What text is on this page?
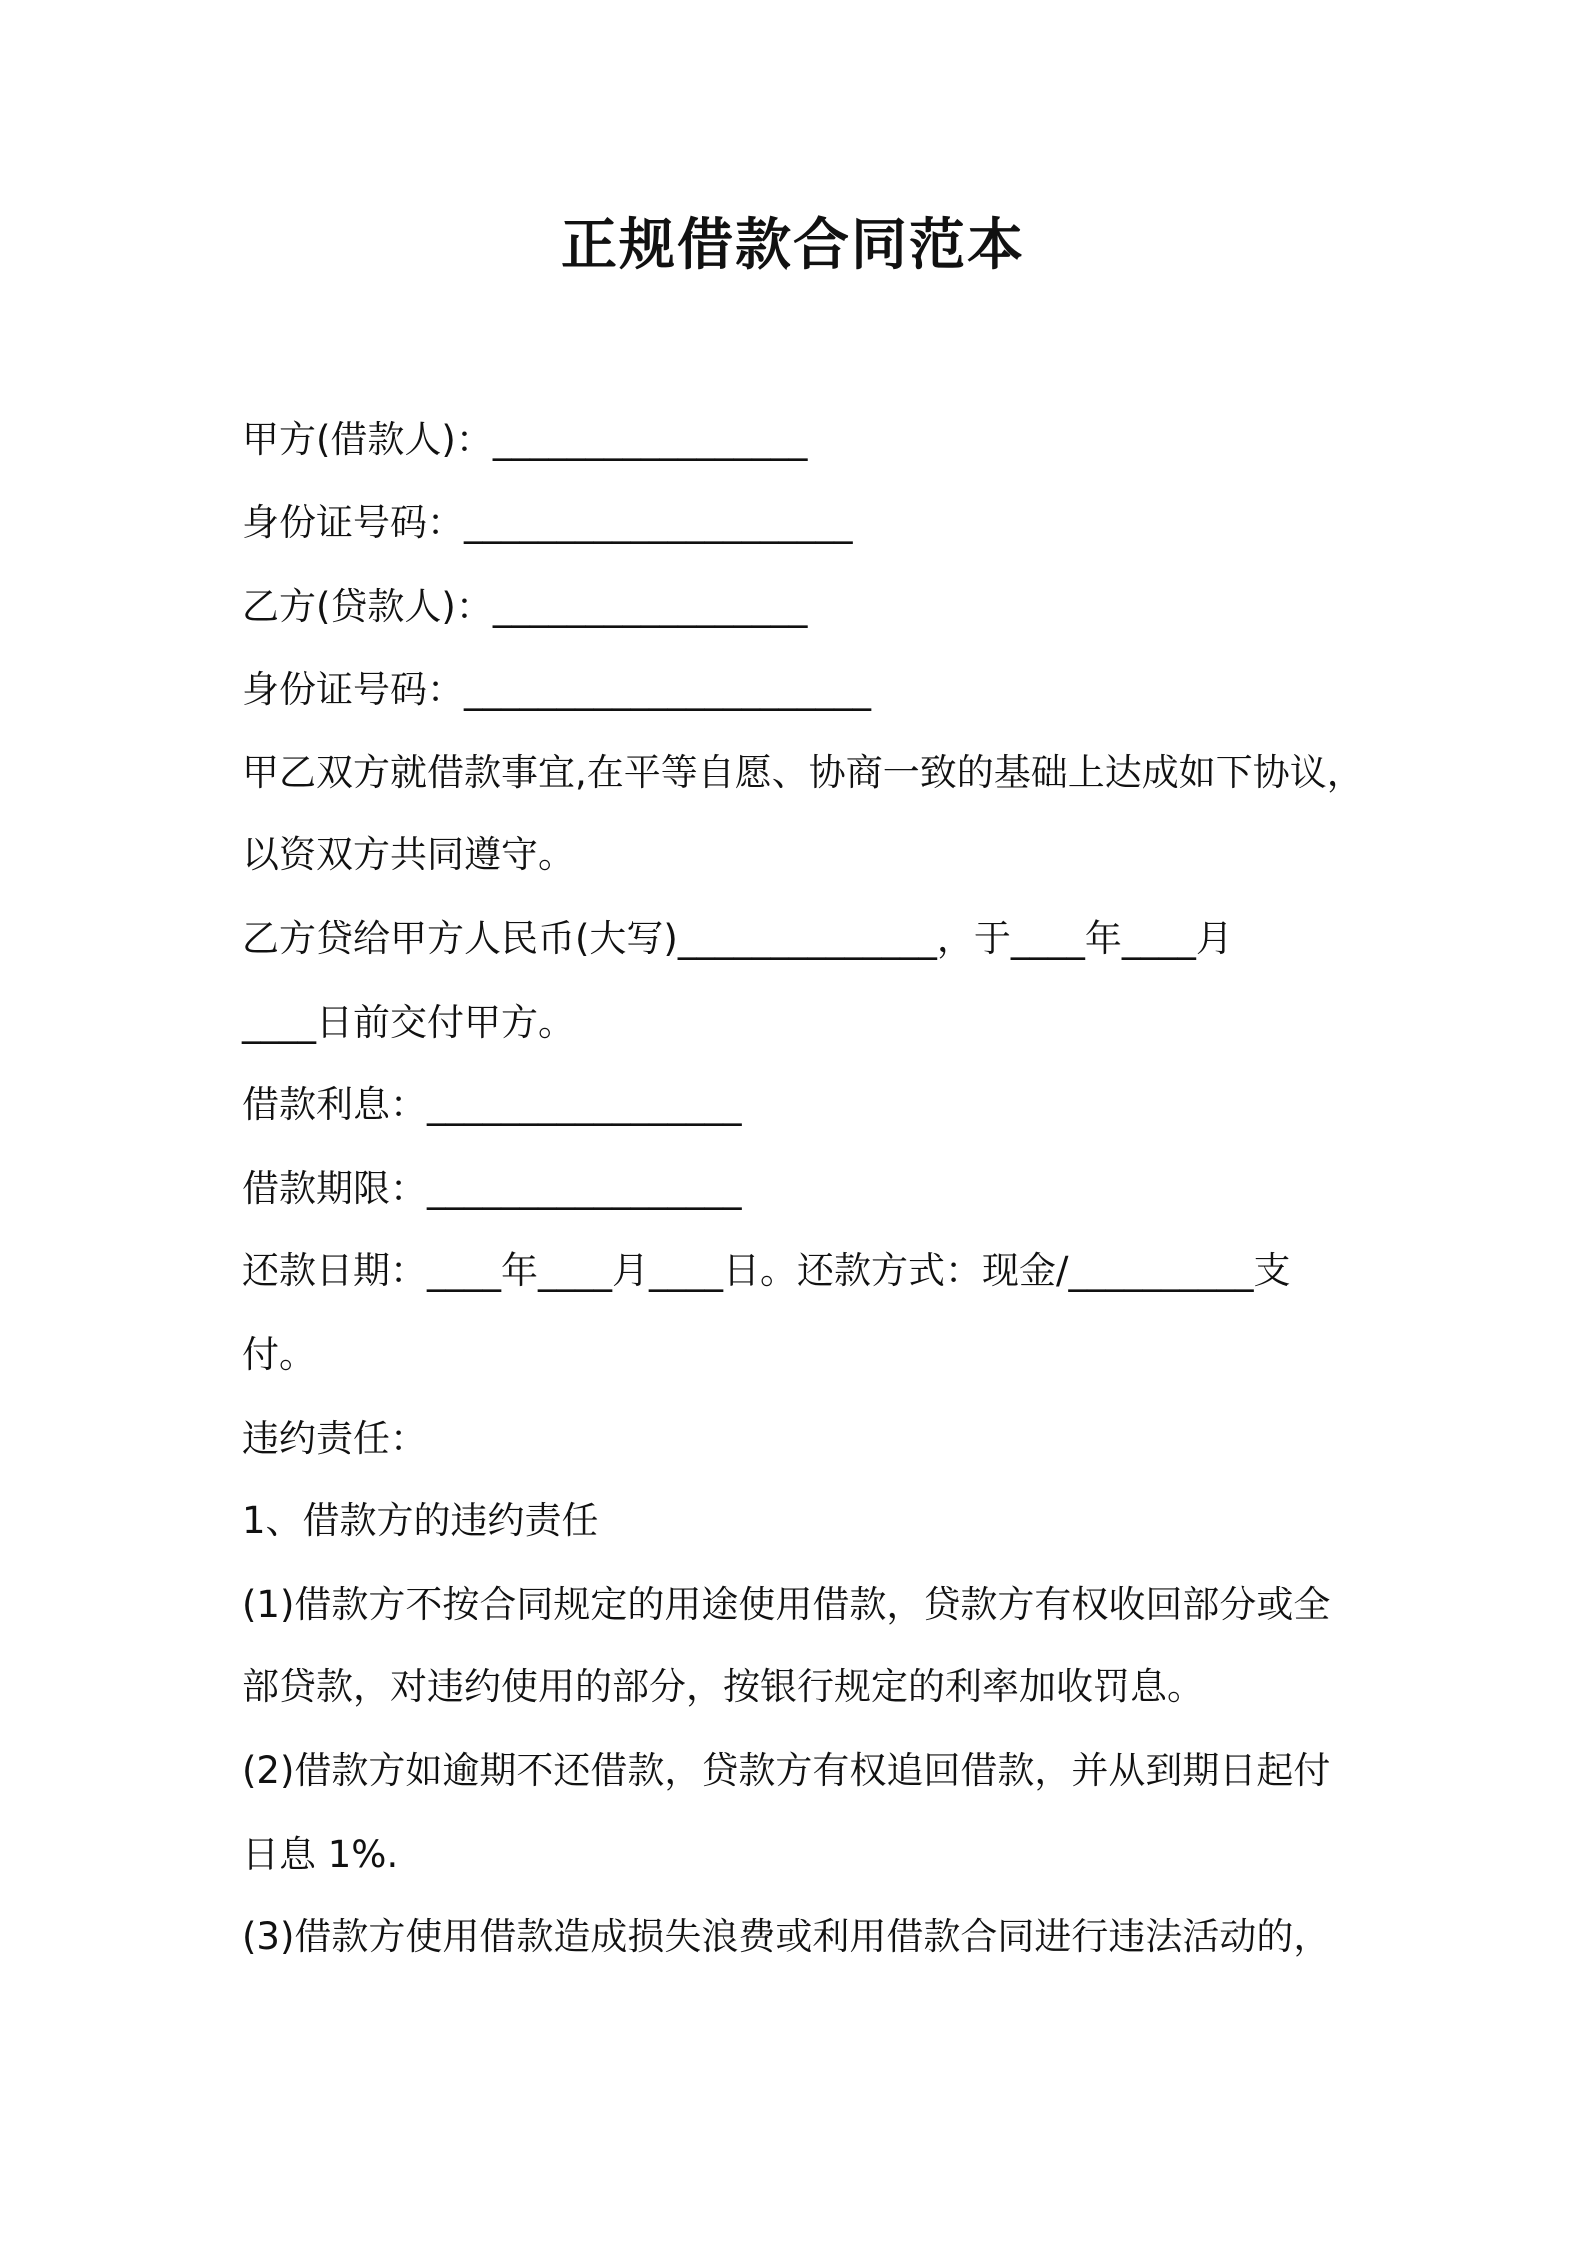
正规借款合同范本
甲方(借款人)：_________________
身份证号码：_____________________
乙方(贷款人)：_________________
身份证号码：______________________
甲乙双方就借款事宜,在平等自愿、协商一致的基础上达成如下协议，
以资双方共同遵守。
乙方贷给甲方人民币(大写)______________，于____年____月
____日前交付甲方。
借款利息：_________________
借款期限：_________________
还款日期：____年____月____日。还款方式：现金/__________支
付。
违约责任：
1、借款方的违约责任
(1)借款方不按合同规定的用途使用借款，贷款方有权收回部分或全
部贷款，对违约使用的部分，按银行规定的利率加收罚息。
(2)借款方如逾期不还借款，贷款方有权追回借款，并从到期日起付
日息 1%.
(3)借款方使用借款造成损失浪费或利用借款合同进行违法活动的，
